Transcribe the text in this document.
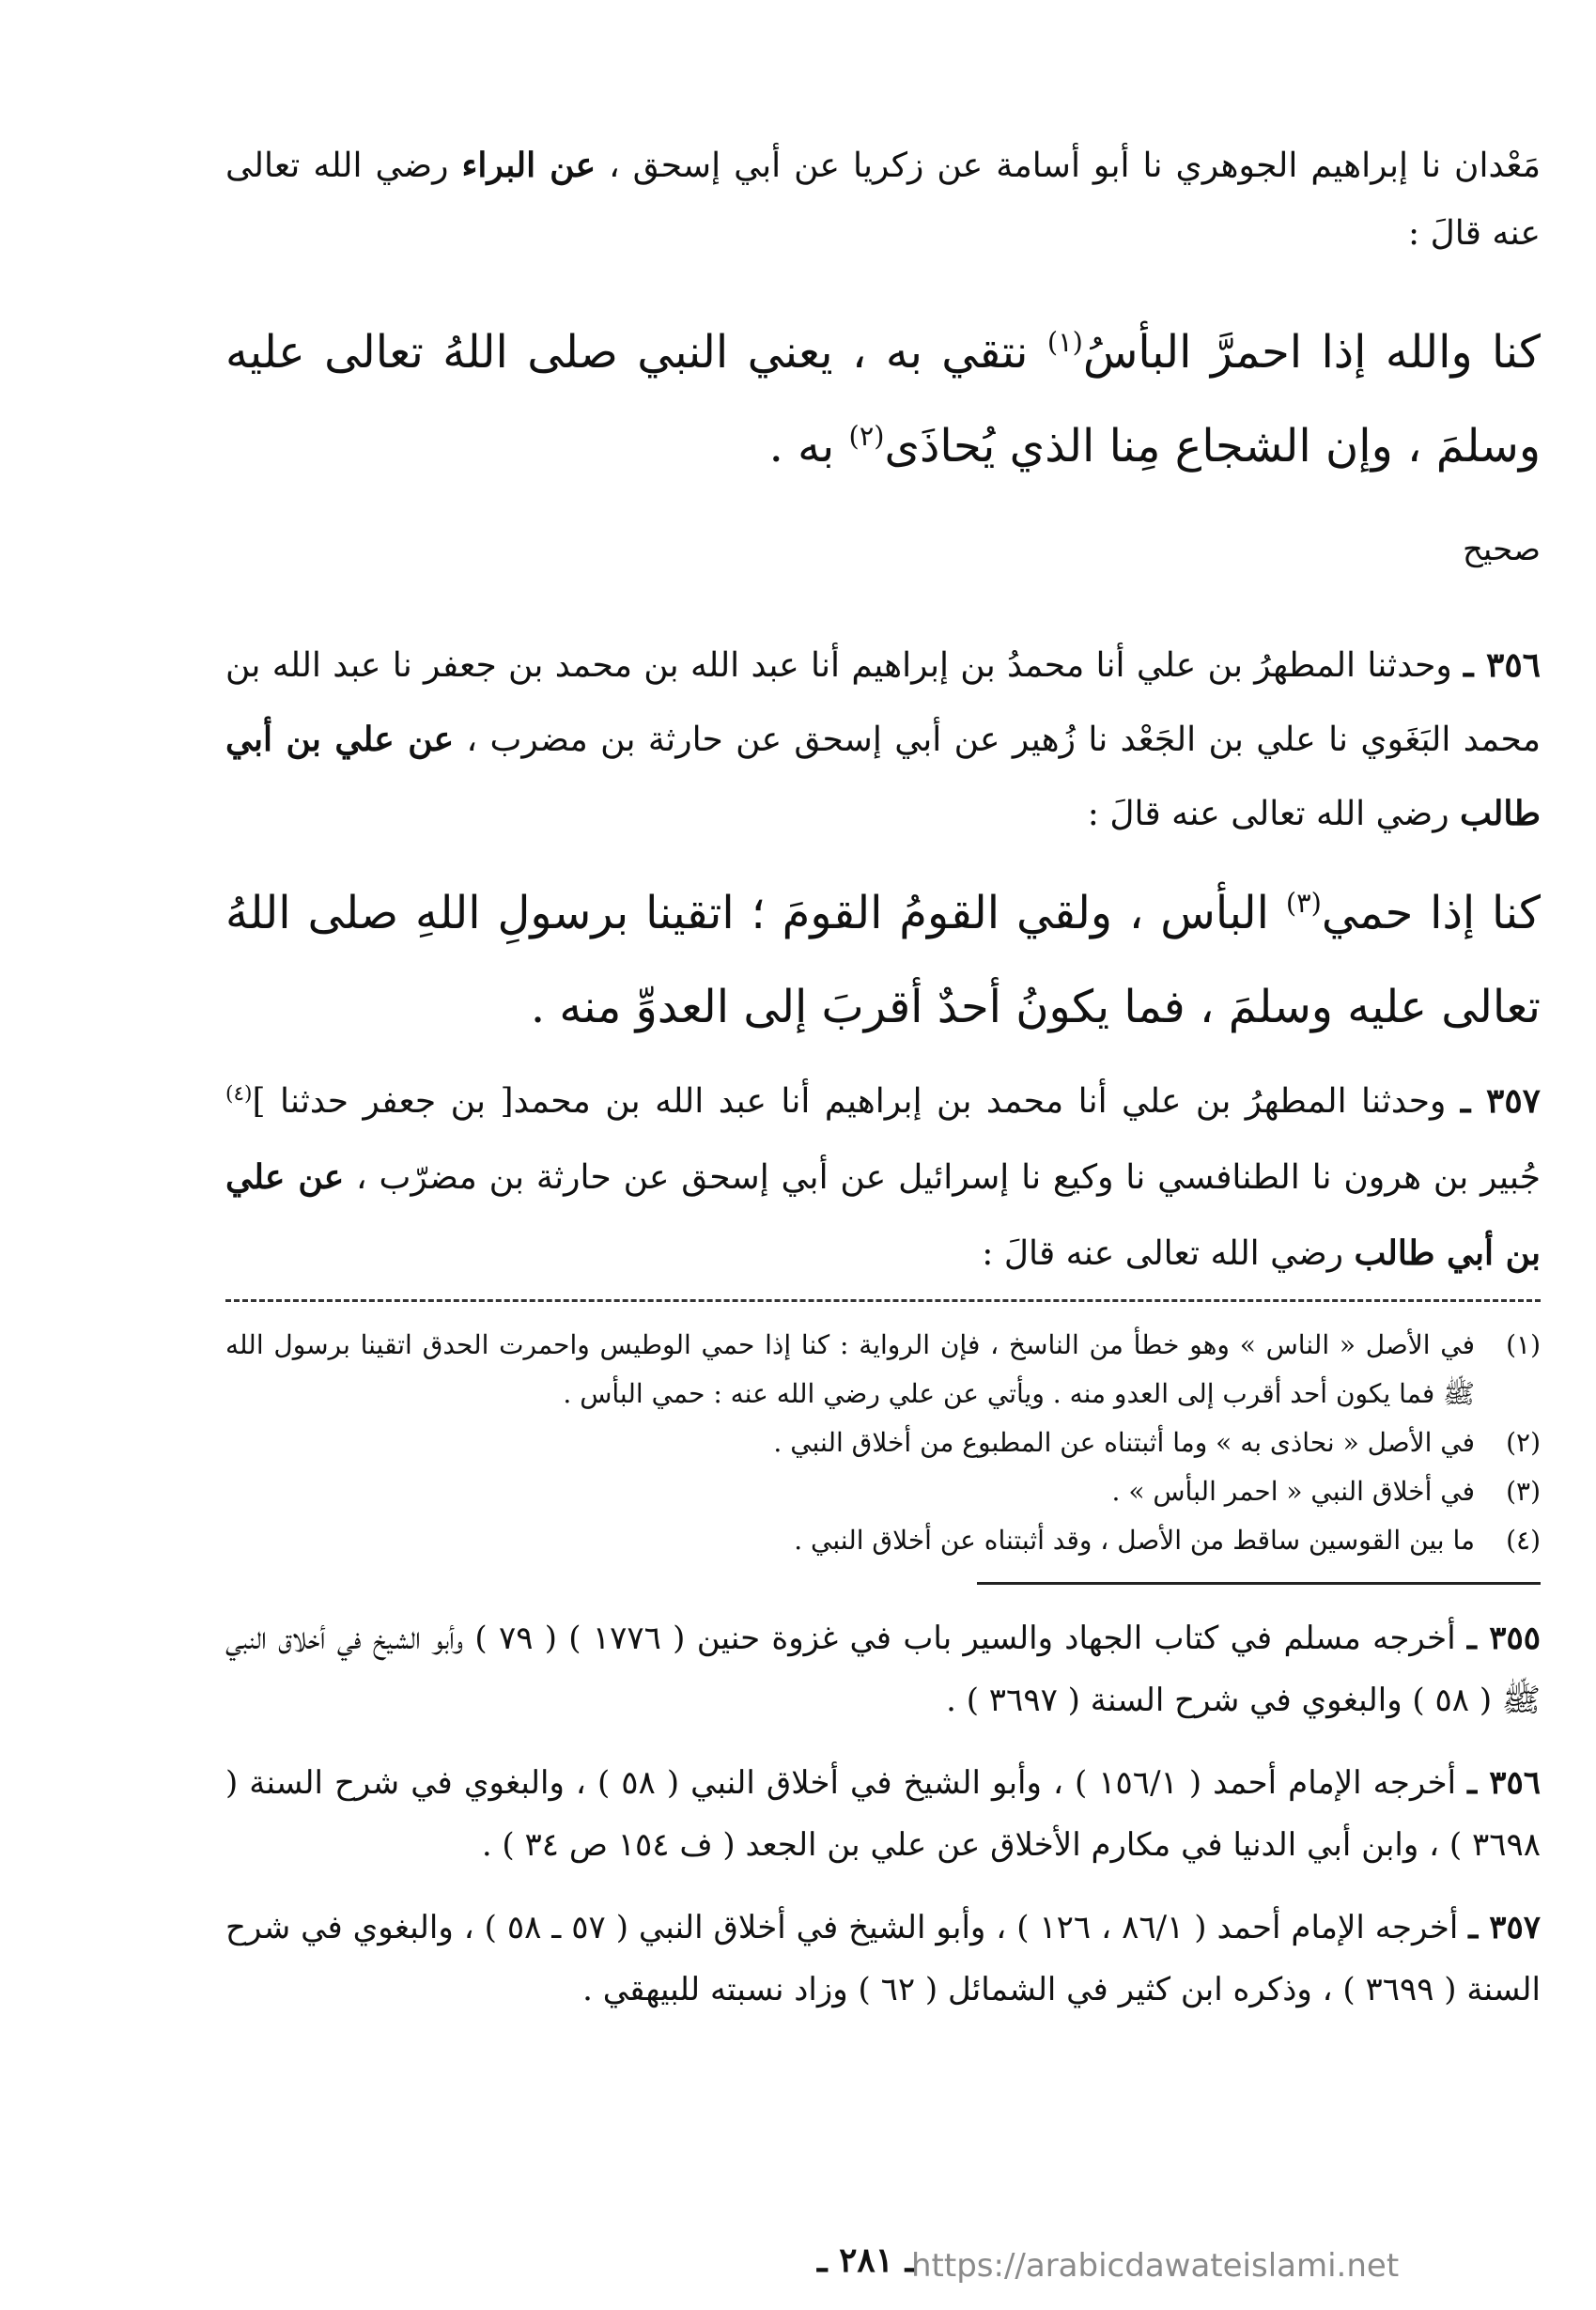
مَعْدان نا إبراهيم الجوهري نا أبو أسامة عن زكريا عن أبي إسحق ، عن البراء رضي الله تعالى عنه قالَ :

كنا والله إذا احمرَّ البأسُ$^{(١)}$ نتقي به ، يعني النبي صلى اللهُ تعالى عليه وسلمَ ، وإن الشجاع مِنا الذي يُحاذَى$^{(٢)}$ به .

صحيح

٣٥٦ ـ وحدثنا المطهرُ بن علي أنا محمدُ بن إبراهيم أنا عبد الله بن محمد بن جعفر نا عبد الله بن محمد البَغَوي نا علي بن الجَعْد نا زُهير عن أبي إسحق عن حارثة بن مضرب ، عن علي بن أبي طالب رضي الله تعالى عنه قالَ :

كنا إذا حمي$^{(٣)}$ البأس ، ولقي القومُ القومَ ؛ اتقينا برسولِ اللهِ صلى اللهُ تعالى عليه وسلمَ ، فما يكونُ أحدٌ أقربَ إلى العدوِّ منه .

٣٥٧ ـ وحدثنا المطهرُ بن علي أنا محمد بن إبراهيم أنا عبد الله بن محمد[ بن جعفر حدثنا ]$^{(٤)}$ جُبير بن هرون نا الطنافسي نا وكيع نا إسرائيل عن أبي إسحق عن حارثة بن مضرّب ، عن علي بن أبي طالب رضي الله تعالى عنه قالَ :

(١)
في الأصل « الناس » وهو خطأ من الناسخ ، فإن الرواية : كنا إذا حمي الوطيس واحمرت الحدق اتقينا برسول الله ﷺ فما يكون أحد أقرب إلى العدو منه . ويأتي عن علي رضي الله عنه : حمي البأس .
(٢)
في الأصل « نحاذى به » وما أثبتناه عن المطبوع من أخلاق النبي .
(٣)
في أخلاق النبي « احمر البأس » .
(٤)
ما بين القوسين ساقط من الأصل ، وقد أثبتناه عن أخلاق النبي .

٣٥٥ ـ أخرجه مسلم في كتاب الجهاد والسير باب في غزوة حنين ( ١٧٧٦ ) ( ٧٩ ) وأبو الشيخ في أخلاق النبي ﷺ ( ٥٨ ) والبغوي في شرح السنة ( ٣٦٩٧ ) .

٣٥٦ ـ أخرجه الإمام أحمد ( ١٥٦/١ ) ، وأبو الشيخ في أخلاق النبي ( ٥٨ ) ، والبغوي في شرح السنة ( ٣٦٩٨ ) ، وابن أبي الدنيا في مكارم الأخلاق عن علي بن الجعد ( ف ١٥٤ ص ٣٤ ) .

٣٥٧ ـ أخرجه الإمام أحمد ( ٨٦/١ ، ١٢٦ ) ، وأبو الشيخ في أخلاق النبي ( ٥٧ ـ ٥٨ ) ، والبغوي في شرح السنة ( ٣٦٩٩ ) ، وذكره ابن كثير في الشمائل ( ٦٢ ) وزاد نسبته للبيهقي .

ـ ٢٨١ ـ
https://arabicdawateislami.net
